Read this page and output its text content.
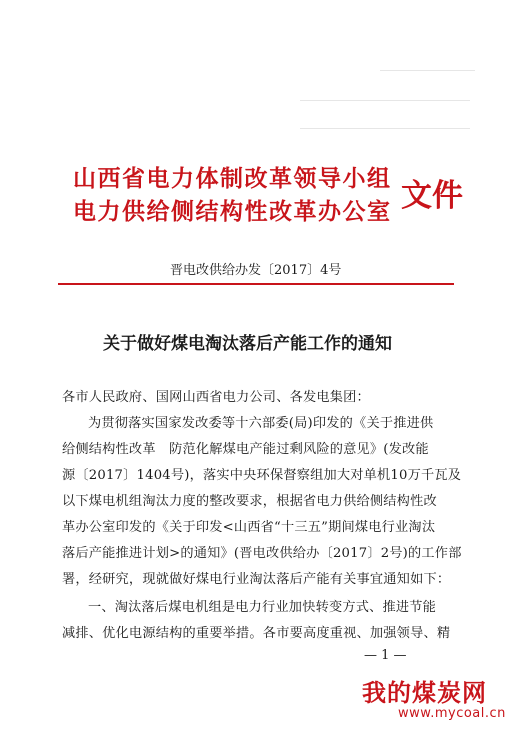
山西省电力体制改革领导小组
电力供给侧结构性改革办公室 文件
晋电改供给办发〔2017〕4号
关于做好煤电淘汰落后产能工作的通知
各市人民政府、国网山西省电力公司、各发电集团：
为贯彻落实国家发改委等十六部委(局)印发的《关于推进供
给侧结构性改革　防范化解煤电产能过剩风险的意见》(发改能
源〔2017〕1404号)，落实中央环保督察组加大对单机10万千瓦及
以下煤电机组淘汰力度的整改要求，根据省电力供给侧结构性改
革办公室印发的《关于印发<山西省“十三五”期间煤电行业淘汰
落后产能推进计划>的通知》(晋电改供给办〔2017〕2号)的工作部
署，经研究，现就做好煤电行业淘汰落后产能有关事宜通知如下：
一、淘汰落后煤电机组是电力行业加快转变方式、推进节能
减排、优化电源结构的重要举措。各市要高度重视、加强领导、精
— 1 —
我的煤炭网
www.mycoal.cn
